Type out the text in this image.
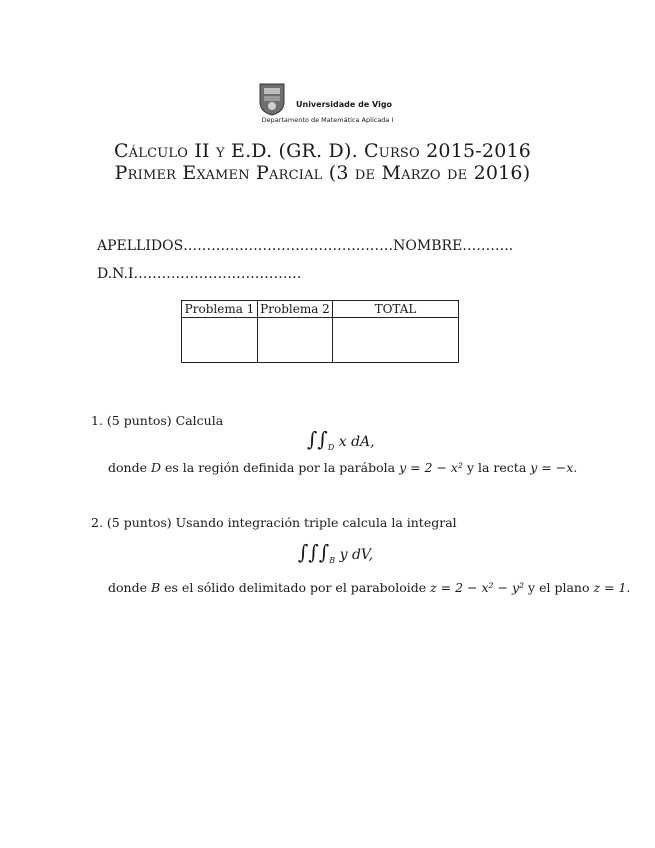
Universidade de Vigo
Departamento de Matemática Aplicada I
Cálculo II y E.D. (GR. D). Curso 2015-2016
Primer Examen Parcial (3 de Marzo de 2016)
APELLIDOS………………………………………NOMBRE………..
D.N.I………………………………
Problema 1	Problema 2	TOTAL

1. (5 puntos) Calcula
$\int\int_D$ x dA,
donde D es la región definida por la parábola y = 2 − x² y la recta y = −x.
2. (5 puntos) Usando integración triple calcula la integral
$\int\int\int_B$ y dV,
donde B es el sólido delimitado por el paraboloide z = 2 − x² − y² y el plano z = 1.
